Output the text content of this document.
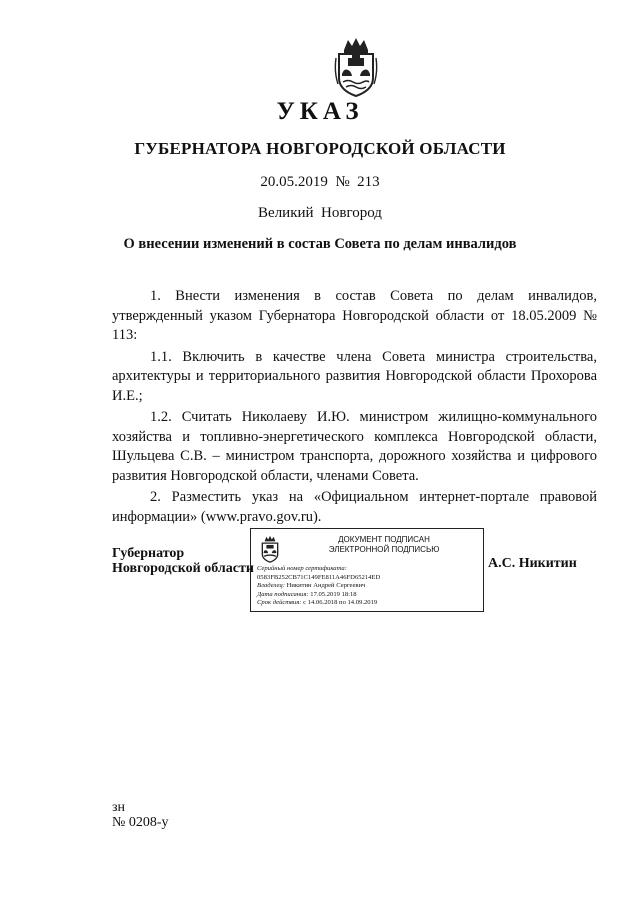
УКАЗ
ГУБЕРНАТОРА НОВГОРОДСКОЙ ОБЛАСТИ
20.05.2019  №  213
Великий  Новгород
О внесении изменений в состав Совета по делам инвалидов

1. Внести изменения в состав Совета по делам инвалидов, утвержденный указом Губернатора Новгородской области от 18.05.2009 № 113:

1.1. Включить в качестве члена Совета министра строительства, архитектуры и территориального развития Новгородской области Прохорова И.Е.;

1.2. Считать Николаеву И.Ю. министром жилищно-коммунального хозяйства и топливно-энергетического комплекса Новгородской области, Шульцева С.В. – министром транспорта, дорожного хозяйства и цифрового развития Новгородской области, членами Совета.

2. Разместить указ на «Официальном интернет-портале правовой информации» (www.pravo.gov.ru).

Губернатор
Новгородской области
ДОКУМЕНТ ПОДПИСАН
ЭЛЕКТРОННОЙ ПОДПИСЬЮ
Серийный номер сертификата:
0583FB252CB71C149FE811A46FD65214ED
Владелец: Никитин Андрей Сергеевич
Дата подписания: 17.05.2019 18:18
Срок действия: с 14.06.2018 по 14.09.2019
А.С. Никитин
зн
№ 0208-у
